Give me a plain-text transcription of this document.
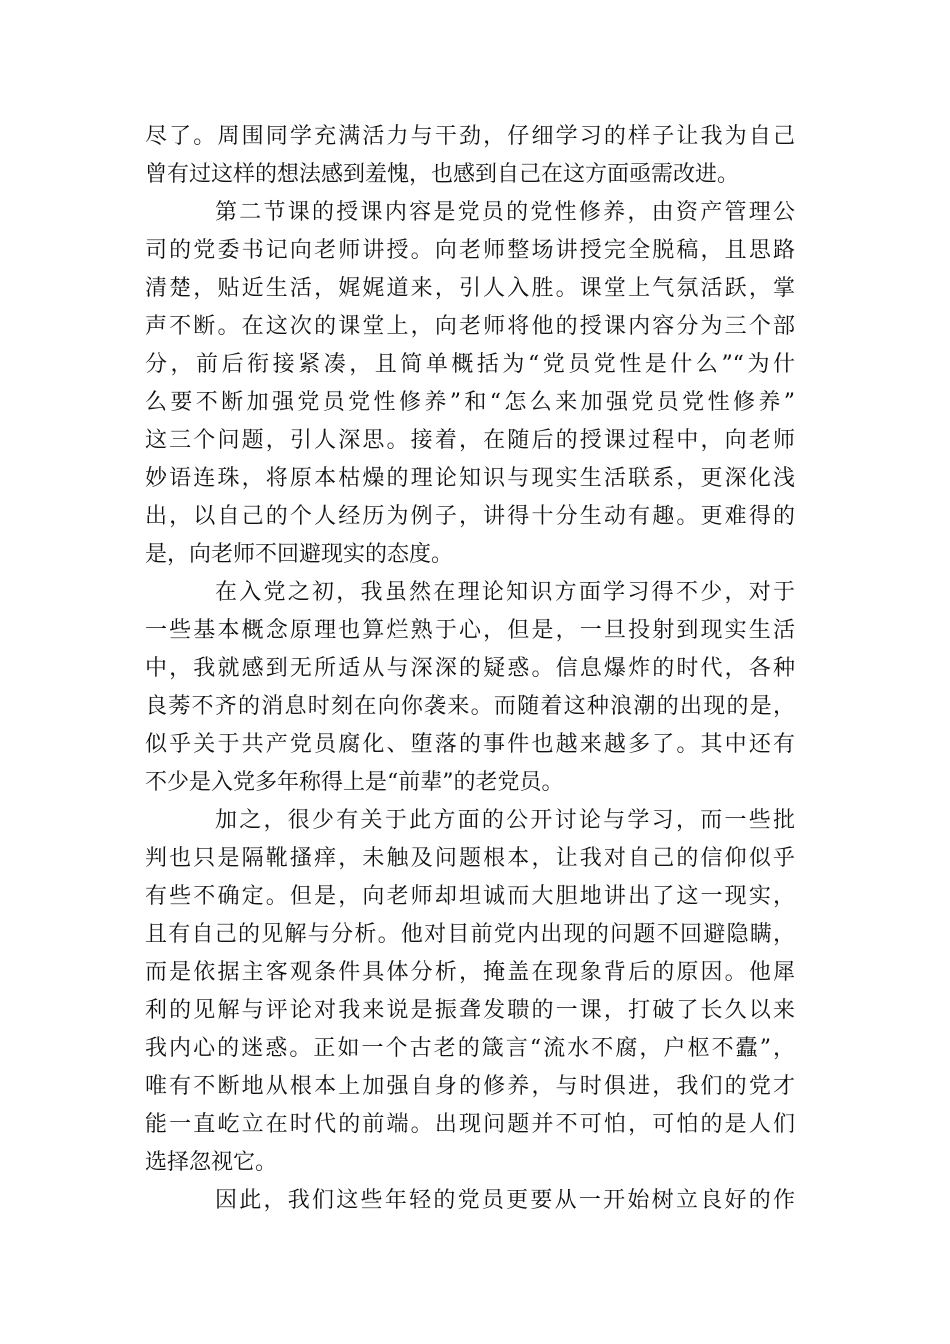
尽了。周围同学充满活力与干劲，仔细学习的样子让我为自己
曾有过这样的想法感到羞愧，也感到自己在这方面亟需改进。
第二节课的授课内容是党员的党性修养，由资产管理公
司的党委书记向老师讲授。向老师整场讲授完全脱稿，且思路
清楚，贴近生活，娓娓道来，引人入胜。课堂上气氛活跃，掌
声不断。在这次的课堂上，向老师将他的授课内容分为三个部
分，前后衔接紧凑，且简单概括为“党员党性是什么”“为什
么要不断加强党员党性修养”和“怎么来加强党员党性修养”
这三个问题，引人深思。接着，在随后的授课过程中，向老师
妙语连珠，将原本枯燥的理论知识与现实生活联系，更深化浅
出，以自己的个人经历为例子，讲得十分生动有趣。更难得的
是，向老师不回避现实的态度。
在入党之初，我虽然在理论知识方面学习得不少，对于
一些基本概念原理也算烂熟于心，但是，一旦投射到现实生活
中，我就感到无所适从与深深的疑惑。信息爆炸的时代，各种
良莠不齐的消息时刻在向你袭来。而随着这种浪潮的出现的是，
似乎关于共产党员腐化、堕落的事件也越来越多了。其中还有
不少是入党多年称得上是“前辈”的老党员。
加之，很少有关于此方面的公开讨论与学习，而一些批
判也只是隔靴搔痒，未触及问题根本，让我对自己的信仰似乎
有些不确定。但是，向老师却坦诚而大胆地讲出了这一现实，
且有自己的见解与分析。他对目前党内出现的问题不回避隐瞒，
而是依据主客观条件具体分析，掩盖在现象背后的原因。他犀
利的见解与评论对我来说是振聋发聩的一课，打破了长久以来
我内心的迷惑。正如一个古老的箴言“流水不腐，户枢不蠹”，
唯有不断地从根本上加强自身的修养，与时俱进，我们的党才
能一直屹立在时代的前端。出现问题并不可怕，可怕的是人们
选择忽视它。
因此，我们这些年轻的党员更要从一开始树立良好的作
